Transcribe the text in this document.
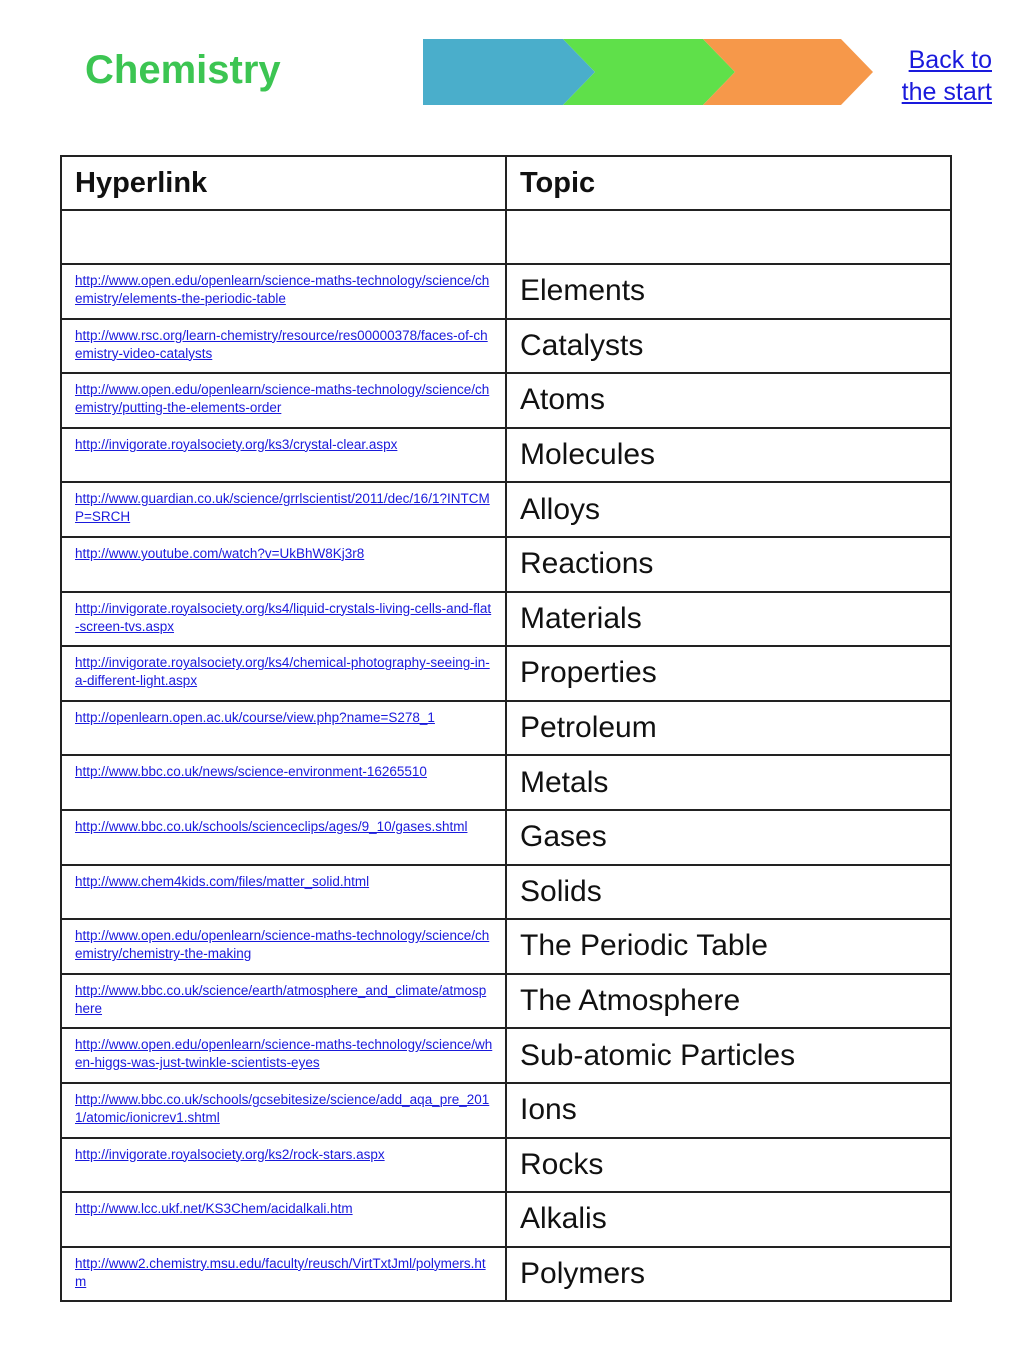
Chemistry	Back to the start
Hyperlink	Topic

http://www.open.edu/openlearn/science-maths-technology/science/chemistry/elements-the-periodic-table	Elements

http://www.rsc.org/learn-chemistry/resource/res00000378/faces-of-chemistry-video-catalysts	Catalysts

http://www.open.edu/openlearn/science-maths-technology/science/chemistry/putting-the-elements-order	Atoms

http://invigorate.royalsociety.org/ks3/crystal-clear.aspx	Molecules

http://www.guardian.co.uk/science/grrlscientist/2011/dec/16/1?INTCMP=SRCH	Alloys

http://www.youtube.com/watch?v=UkBhW8Kj3r8	Reactions

http://invigorate.royalsociety.org/ks4/liquid-crystals-living-cells-and-flat-screen-tvs.aspx	Materials

http://invigorate.royalsociety.org/ks4/chemical-photography-seeing-in-a-different-light.aspx	Properties

http://openlearn.open.ac.uk/course/view.php?name=S278_1	Petroleum

http://www.bbc.co.uk/news/science-environment-16265510	Metals

http://www.bbc.co.uk/schools/scienceclips/ages/9_10/gases.shtml	Gases

http://www.chem4kids.com/files/matter_solid.html	Solids

http://www.open.edu/openlearn/science-maths-technology/science/chemistry/chemistry-the-making	The Periodic Table

http://www.bbc.co.uk/science/earth/atmosphere_and_climate/atmosphere	The Atmosphere

http://www.open.edu/openlearn/science-maths-technology/science/when-higgs-was-just-twinkle-scientists-eyes	Sub-atomic Particles

http://www.bbc.co.uk/schools/gcsebitesize/science/add_aqa_pre_2011/atomic/ionicrev1.shtml	Ions

http://invigorate.royalsociety.org/ks2/rock-stars.aspx	Rocks

http://www.lcc.ukf.net/KS3Chem/acidalkali.htm	Alkalis

http://www2.chemistry.msu.edu/faculty/reusch/VirtTxtJml/polymers.htm	Polymers
